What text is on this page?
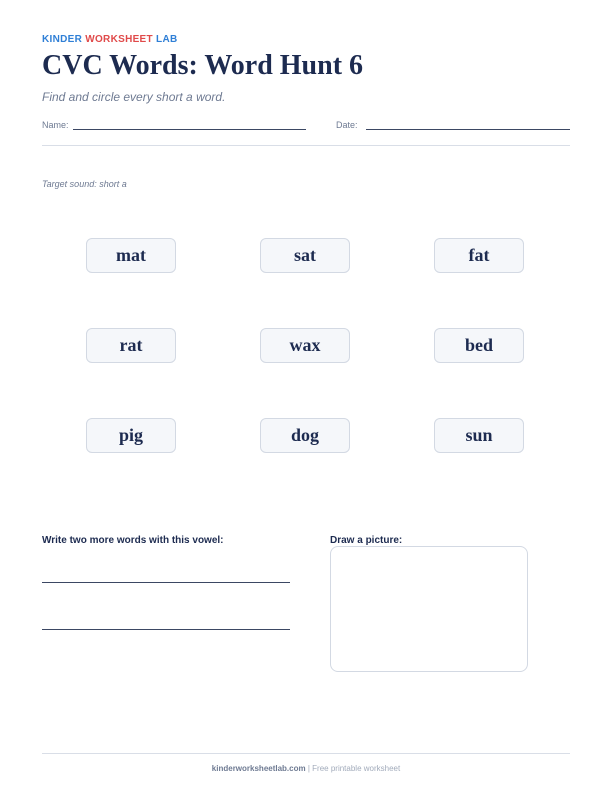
KINDER WORKSHEET LAB
CVC Words: Word Hunt 6
Find and circle every short a word.
Name:	Date:
Target sound: short a
mat	sat	fat
rat	wax	bed
pig	dog	sun
Write two more words with this vowel:	Draw a picture:
kinderworksheetlab.com | Free printable worksheet
